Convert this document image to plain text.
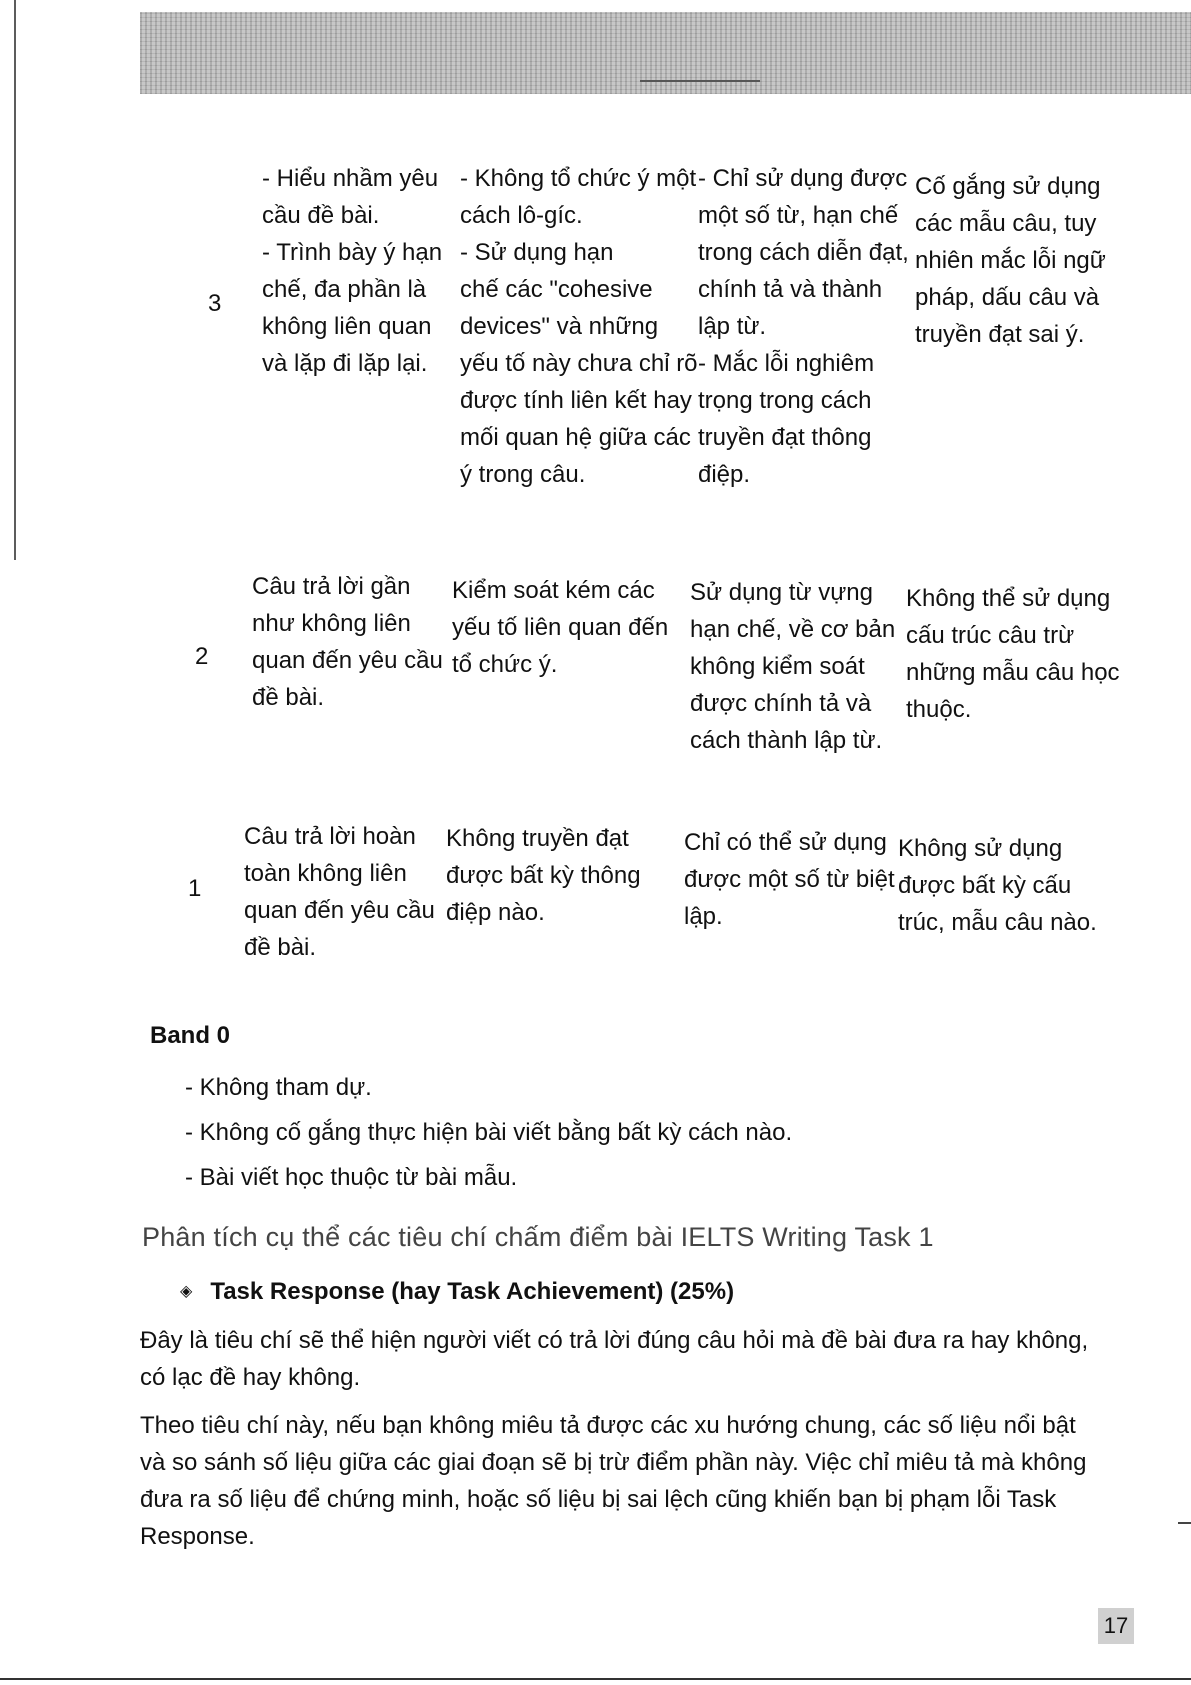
3
- Hiểu nhầm yêu
cầu đề bài.
- Trình bày ý hạn
chế, đa phần là
không liên quan
và lặp đi lặp lại.
- Không tổ chức ý một
cách lô-gíc.
- Sử dụng hạn
chế các "cohesive
devices" và những
yếu tố này chưa chỉ rõ
được tính liên kết hay
mối quan hệ giữa các
ý trong câu.
- Chỉ sử dụng được
một số từ, hạn chế
trong cách diễn đạt,
chính tả và thành
lập từ.
- Mắc lỗi nghiêm
trọng trong cách
truyền đạt thông
điệp.
Cố gắng sử dụng
các mẫu câu, tuy
nhiên mắc lỗi ngữ
pháp, dấu câu và
truyền đạt sai ý.
2
Câu trả lời gần
như không liên
quan đến yêu cầu
đề bài.
Kiểm soát kém các
yếu tố liên quan đến
tổ chức ý.
Sử dụng từ vựng
hạn chế, về cơ bản
không kiểm soát
được chính tả và
cách thành lập từ.
Không thể sử dụng
cấu trúc câu trừ
những mẫu câu học
thuộc.
1
Câu trả lời hoàn
toàn không liên
quan đến yêu cầu
đề bài.
Không truyền đạt
được bất kỳ thông
điệp nào.
Chỉ có thể sử dụng
được một số từ biệt
lập.
Không sử dụng
được bất kỳ cấu
trúc, mẫu câu nào.
Band 0
- Không tham dự.
- Không cố gắng thực hiện bài viết bằng bất kỳ cách nào.
- Bài viết học thuộc từ bài mẫu.
Phân tích cụ thể các tiêu chí chấm điểm bài IELTS Writing Task 1
◈ Task Response (hay Task Achievement) (25%)

Đây là tiêu chí sẽ thể hiện người viết có trả lời đúng câu hỏi mà đề bài đưa ra hay không, có lạc đề hay không.

Theo tiêu chí này, nếu bạn không miêu tả được các xu hướng chung, các số liệu nổi bật và so sánh số liệu giữa các giai đoạn sẽ bị trừ điểm phần này. Việc chỉ miêu tả mà không đưa ra số liệu để chứng minh, hoặc số liệu bị sai lệch cũng khiến bạn bị phạm lỗi Task Response.

17
